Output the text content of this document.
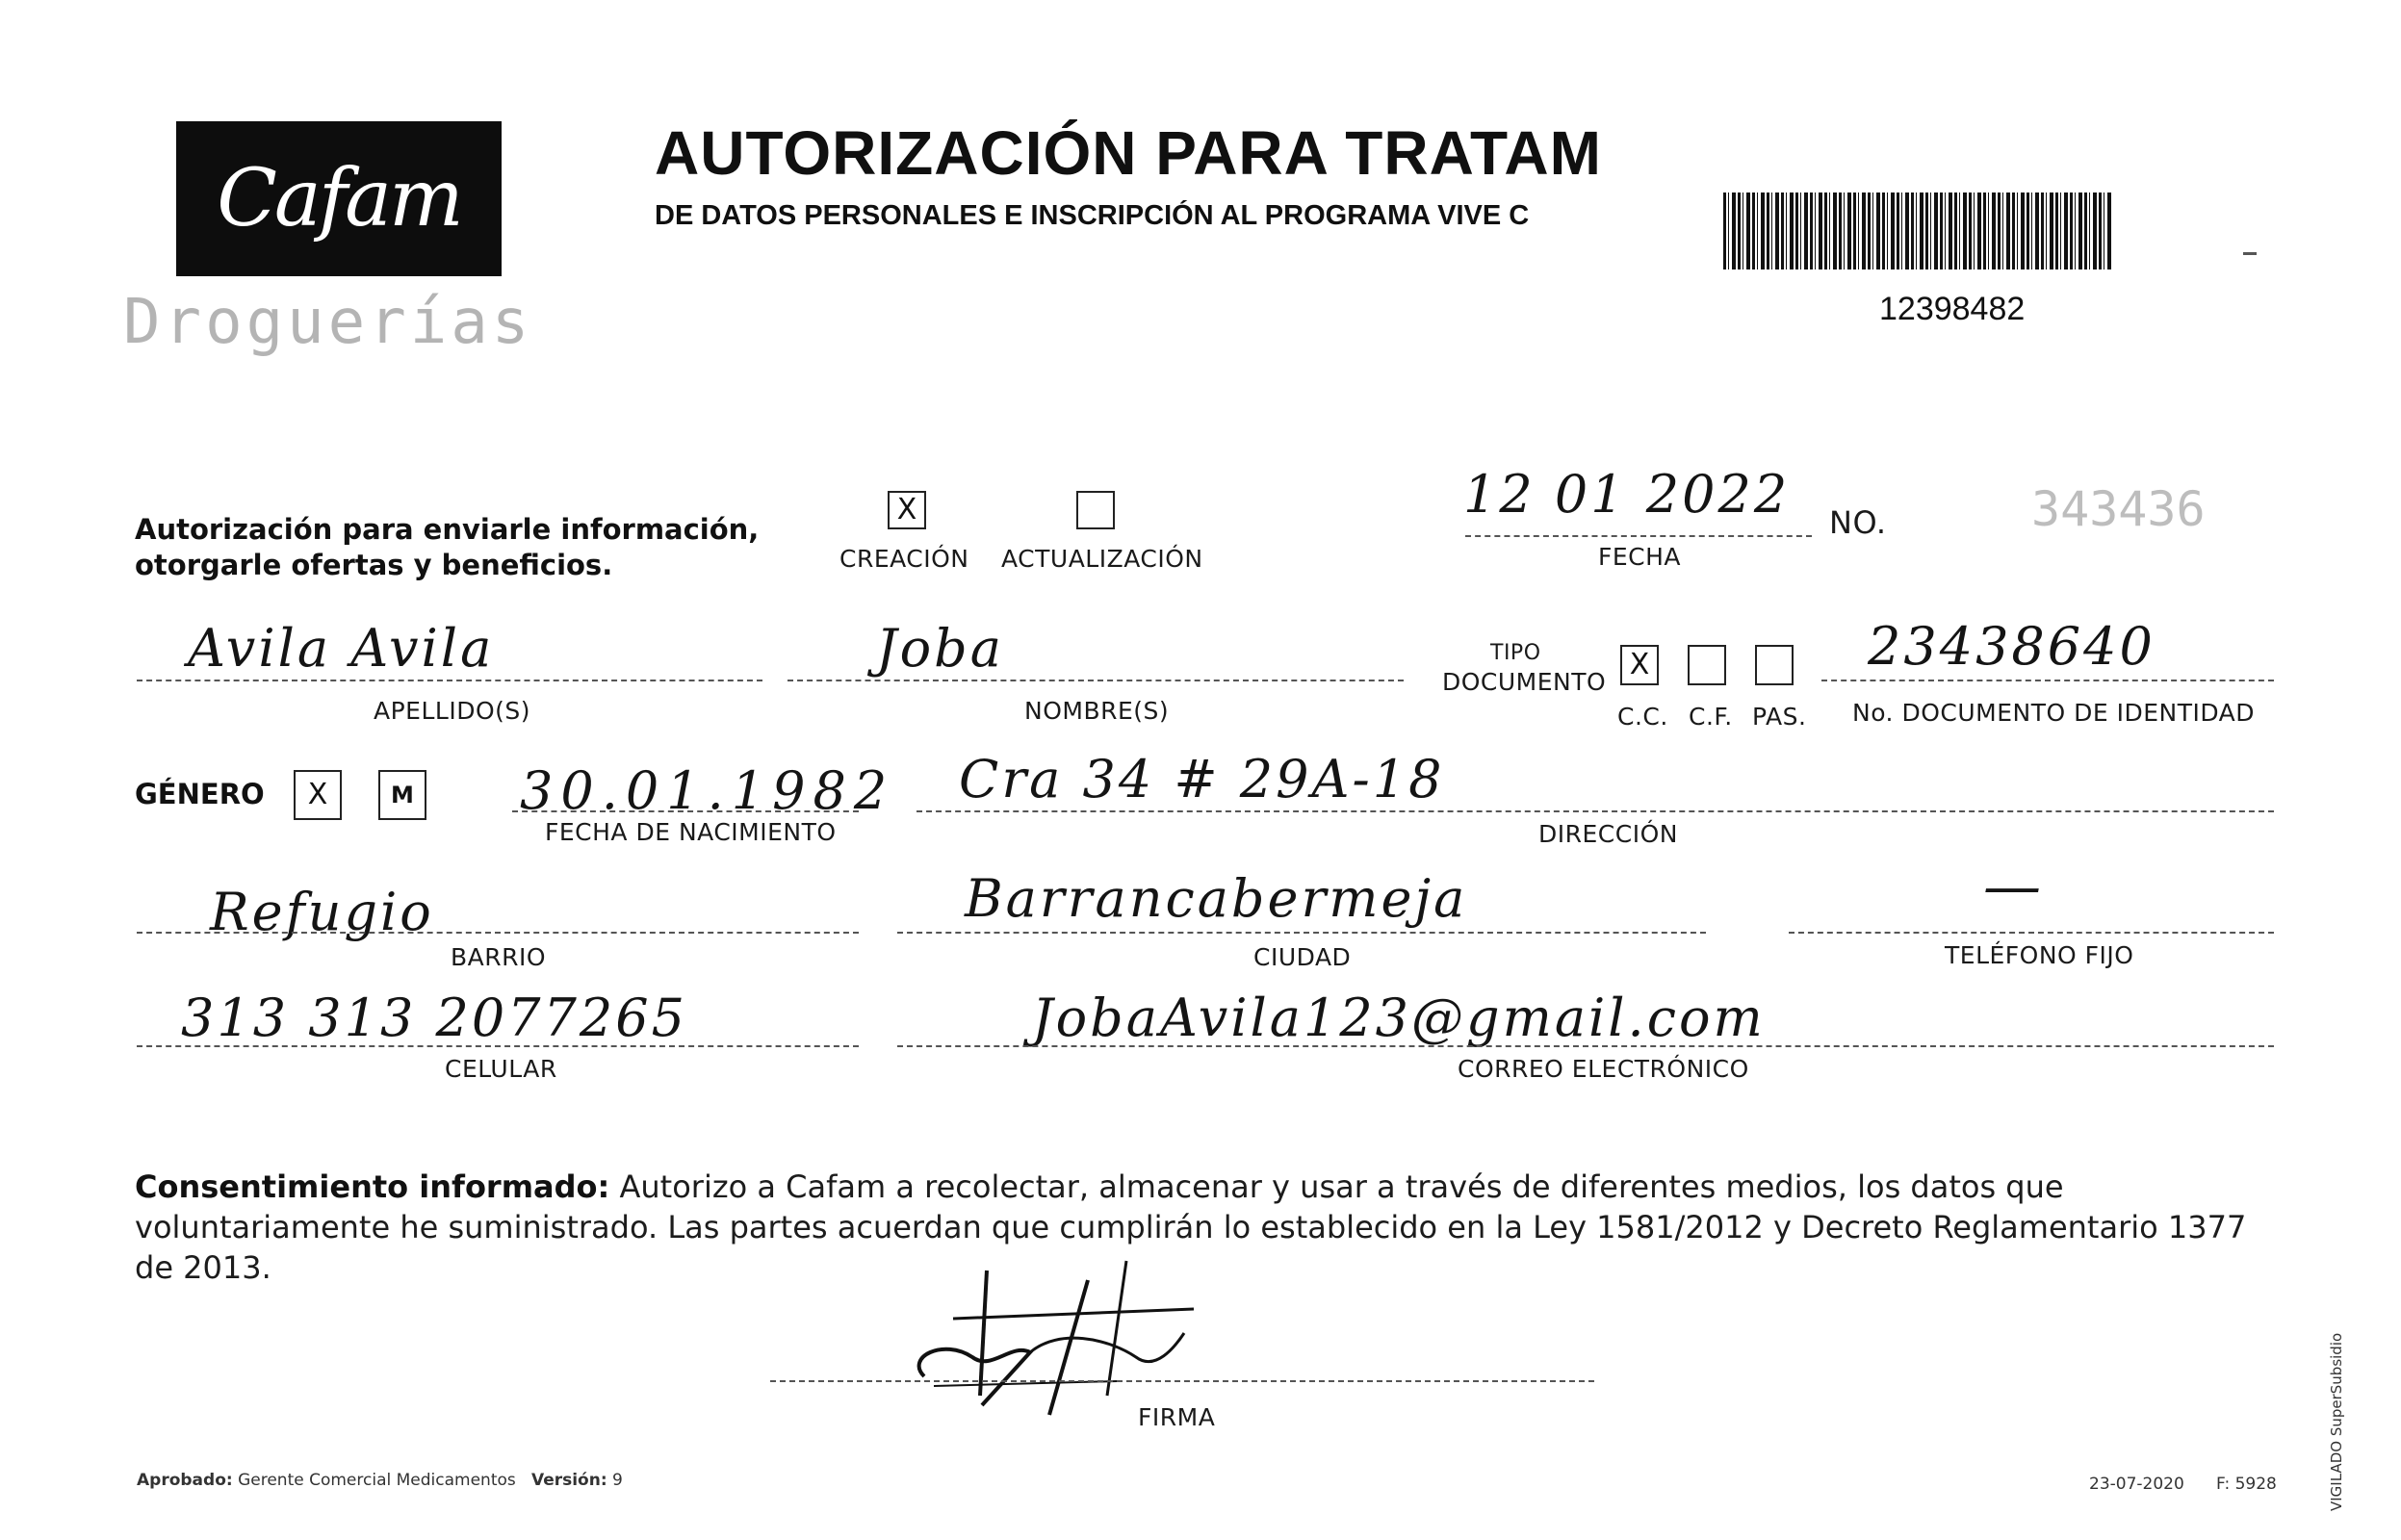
Cafam
Droguerías
AUTORIZACIÓN PARA TRATAM
DE DATOS PERSONALES E INSCRIPCIÓN AL PROGRAMA VIVE C
12398482
Autorización para enviarle información,
otorgarle ofertas y beneficios.
X
CREACIÓN ACTUALIZACIÓN
12 01 2022
FECHA
NO.	343436
Avila Avila
APELLIDO(S)
Joba
NOMBRE(S)
TIPO
DOCUMENTO
X
C.C. C.F. PAS.
23438640
No. DOCUMENTO DE IDENTIDAD
GÉNERO X	M 30.01.1982
FECHA DE NACIMIENTO
Cra 34 # 29A-18
DIRECCIÓN
Refugio
BARRIO
Barrancabermeja
CIUDAD
—
TELÉFONO FIJO
313 313 2077265
CELULAR
JobaAvila123@gmail.com
CORREO ELECTRÓNICO
Consentimiento informado: Autorizo a Cafam a recolectar, almacenar y usar a través de diferentes medios, los datos que voluntariamente he suministrado. Las partes acuerdan que cumplirán lo establecido en la Ley 1581/2012 y Decreto Reglamentario 1377 de 2013.
FIRMA
Aprobado: Gerente Comercial Medicamentos Versión: 9	23-07-2020 F: 5928	VIGILADO SuperSubsidio
